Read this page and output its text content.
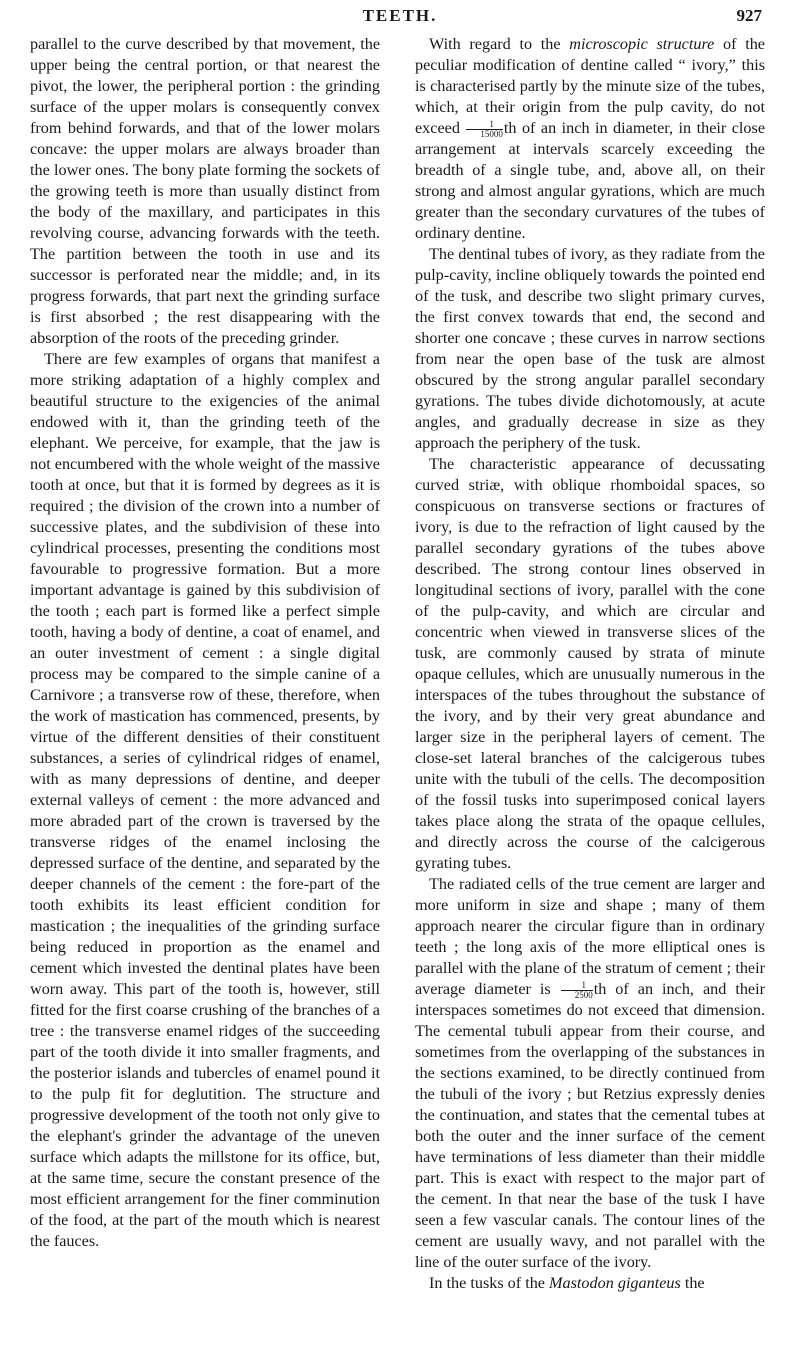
TEETH.	927

parallel to the curve described by that movement, the upper being the central portion, or that nearest the pivot, the lower, the peripheral portion : the grinding surface of the upper molars is consequently convex from behind forwards, and that of the lower molars concave: the upper molars are always broader than the lower ones. The bony plate forming the sockets of the growing teeth is more than usually distinct from the body of the maxillary, and participates in this revolving course, advancing forwards with the teeth. The partition between the tooth in use and its successor is perforated near the middle; and, in its progress forwards, that part next the grinding surface is first absorbed ; the rest disappearing with the absorption of the roots of the preceding grinder.

There are few examples of organs that manifest a more striking adaptation of a highly complex and beautiful structure to the exigencies of the animal endowed with it, than the grinding teeth of the elephant. We perceive, for example, that the jaw is not encumbered with the whole weight of the massive tooth at once, but that it is formed by degrees as it is required ; the division of the crown into a number of successive plates, and the subdivision of these into cylindrical processes, presenting the conditions most favourable to progressive formation. But a more important advantage is gained by this subdivision of the tooth ; each part is formed like a perfect simple tooth, having a body of dentine, a coat of enamel, and an outer investment of cement : a single digital process may be compared to the simple canine of a Carnivore ; a transverse row of these, therefore, when the work of mastication has commenced, presents, by virtue of the different densities of their constituent substances, a series of cylindrical ridges of enamel, with as many depressions of dentine, and deeper external valleys of cement : the more advanced and more abraded part of the crown is traversed by the transverse ridges of the enamel inclosing the depressed surface of the dentine, and separated by the deeper channels of the cement : the fore-part of the tooth exhibits its least efficient condition for mastication ; the inequalities of the grinding surface being reduced in proportion as the enamel and cement which invested the dentinal plates have been worn away. This part of the tooth is, however, still fitted for the first coarse crushing of the branches of a tree : the transverse enamel ridges of the succeeding part of the tooth divide it into smaller fragments, and the posterior islands and tubercles of enamel pound it to the pulp fit for deglutition. The structure and progressive development of the tooth not only give to the elephant's grinder the advantage of the uneven surface which adapts the millstone for its office, but, at the same time, secure the constant presence of the most efficient arrangement for the finer comminution of the food, at the part of the mouth which is nearest the fauces.

With regard to the microscopic structure of the peculiar modification of dentine called “ ivory,” this is characterised partly by the minute size of the tubes, which, at their origin from the pulp cavity, do not exceed $\frac{1}{15000}$ th of an inch in diameter, in their close arrangement at intervals scarcely exceeding the breadth of a single tube, and, above all, on their strong and almost angular gyrations, which are much greater than the secondary curvatures of the tubes of ordinary dentine.

The dentinal tubes of ivory, as they radiate from the pulp-cavity, incline obliquely towards the pointed end of the tusk, and describe two slight primary curves, the first convex towards that end, the second and shorter one concave ; these curves in narrow sections from near the open base of the tusk are almost obscured by the strong angular parallel secondary gyrations. The tubes divide dichotomously, at acute angles, and gradually decrease in size as they approach the periphery of the tusk.

The characteristic appearance of decussating curved striæ, with oblique rhomboidal spaces, so conspicuous on transverse sections or fractures of ivory, is due to the refraction of light caused by the parallel secondary gyrations of the tubes above described. The strong contour lines observed in longitudinal sections of ivory, parallel with the cone of the pulp-cavity, and which are circular and concentric when viewed in transverse slices of the tusk, are commonly caused by strata of minute opaque cellules, which are unusually numerous in the interspaces of the tubes throughout the substance of the ivory, and by their very great abundance and larger size in the peripheral layers of cement. The close-set lateral branches of the calcigerous tubes unite with the tubuli of the cells. The decomposition of the fossil tusks into superimposed conical layers takes place along the strata of the opaque cellules, and directly across the course of the calcigerous gyrating tubes.

The radiated cells of the true cement are larger and more uniform in size and shape ; many of them approach nearer the circular figure than in ordinary teeth ; the long axis of the more elliptical ones is parallel with the plane of the stratum of cement ; their average diameter is $\frac{1}{2500}$ th of an inch, and their interspaces sometimes do not exceed that dimension. The cemental tubuli appear from their course, and sometimes from the overlapping of the substances in the sections examined, to be directly continued from the tubuli of the ivory ; but Retzius expressly denies the continuation, and states that the cemental tubes at both the outer and the inner surface of the cement have terminations of less diameter than their middle part. This is exact with respect to the major part of the cement. In that near the base of the tusk I have seen a few vascular canals. The contour lines of the cement are usually wavy, and not parallel with the line of the outer surface of the ivory.

In the tusks of the Mastodon giganteus the
